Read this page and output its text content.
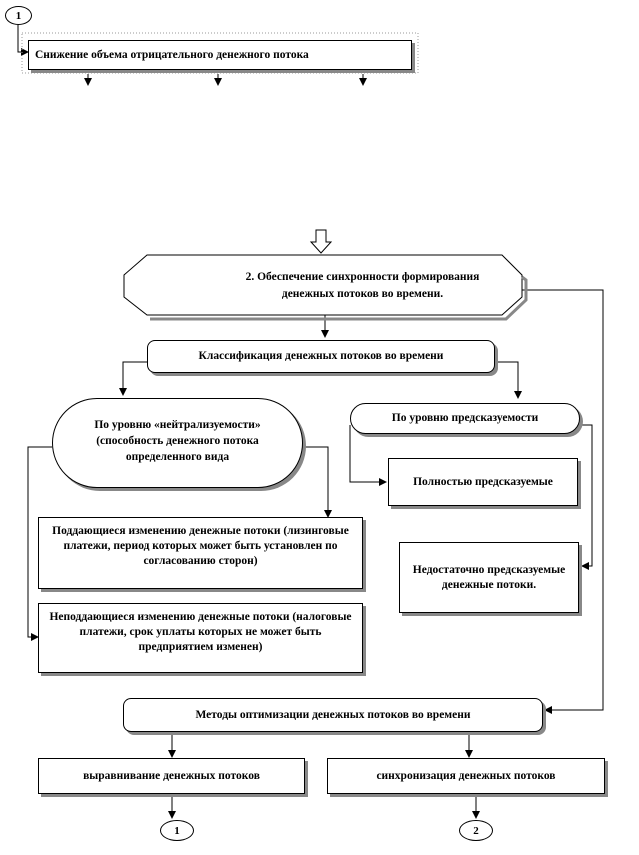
1
Снижение объема отрицательного денежного потока
2. Обеспечение синхронности формирования денежных потоков во времени.
Классификация денежных потоков во времени
По уровню «нейтрализуемости» (способность денежного потока определенного вида
По уровню предсказуемости
Полностью предсказуемые
Недостаточно предсказуемые денежные потоки.
Поддающиеся изменению денежные потоки (лизинговые платежи, период которых может быть установлен по согласованию сторон)
Неподдающиеся изменению денежные потоки (налоговые платежи, срок уплаты которых не может быть предприятием изменен)
Методы оптимизации денежных потоков во времени
выравнивание денежных потоков	синхронизация денежных потоков
1	2
